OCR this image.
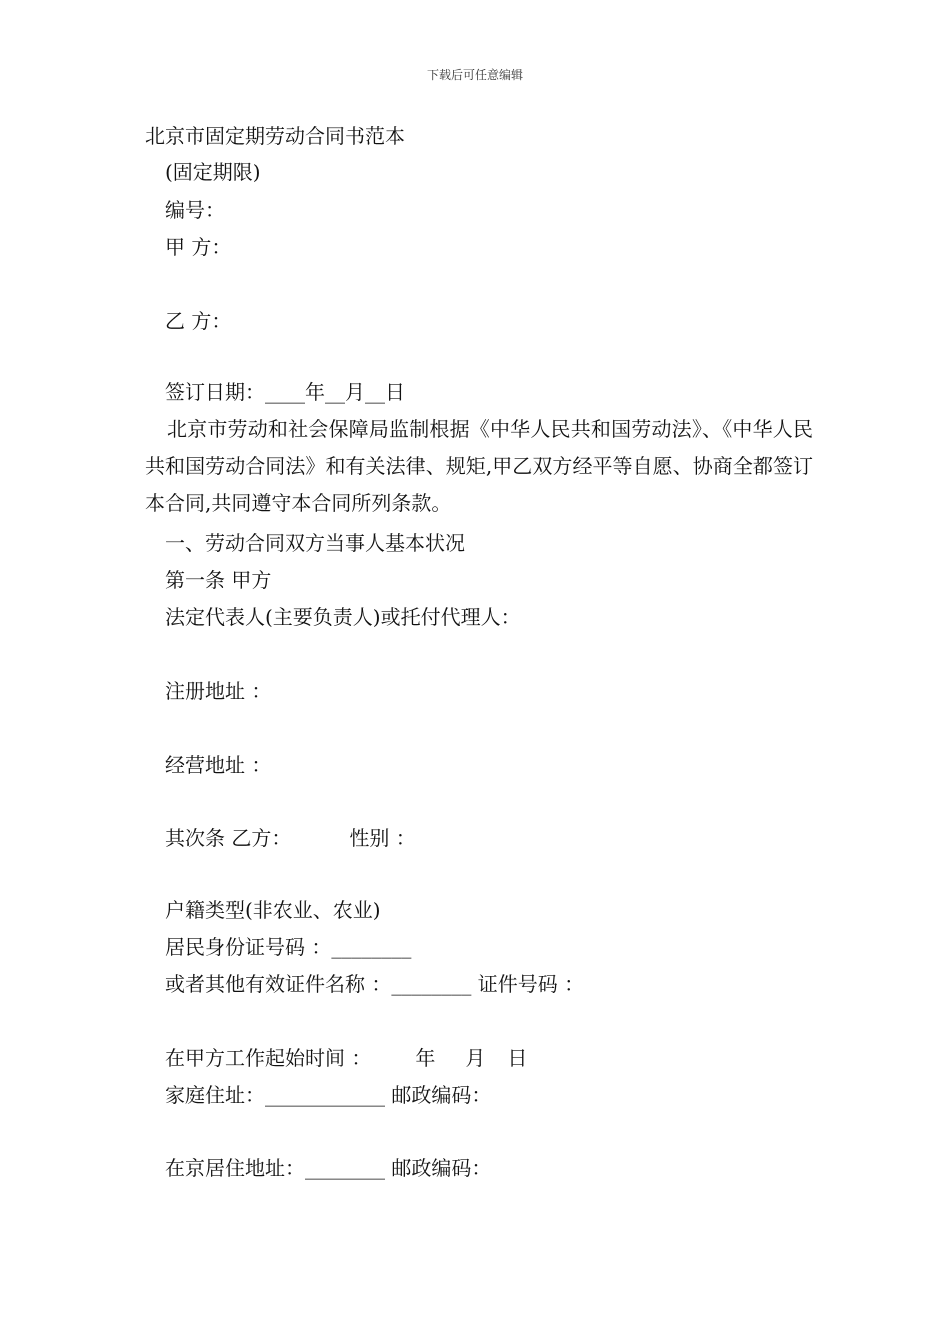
下载后可任意编辑
北京市固定期劳动合同书范本
(固定期限)
编号：
甲 方：
乙 方：
签订日期：____年__月__日
北京市劳动和社会保障局监制根据《中华人民共和国劳动法》、《中华人民共和国劳动合同法》和有关法律、规矩,甲乙双方经平等自愿、协商全都签订本合同,共同遵守本合同所列条款。
一、劳动合同双方当事人基本状况
第一条 甲方
法定代表人(主要负责人)或托付代理人：
注册地址 ：
经营地址 ：
其次条 乙方：	性别 ：
户籍类型(非农业、农业)
居民身份证号码 ：________
或者其他有效证件名称 ：________ 证件号码 ：
在甲方工作起始时间 ： 年 月 日
家庭住址：____________ 邮政编码：
在京居住地址：________ 邮政编码：
